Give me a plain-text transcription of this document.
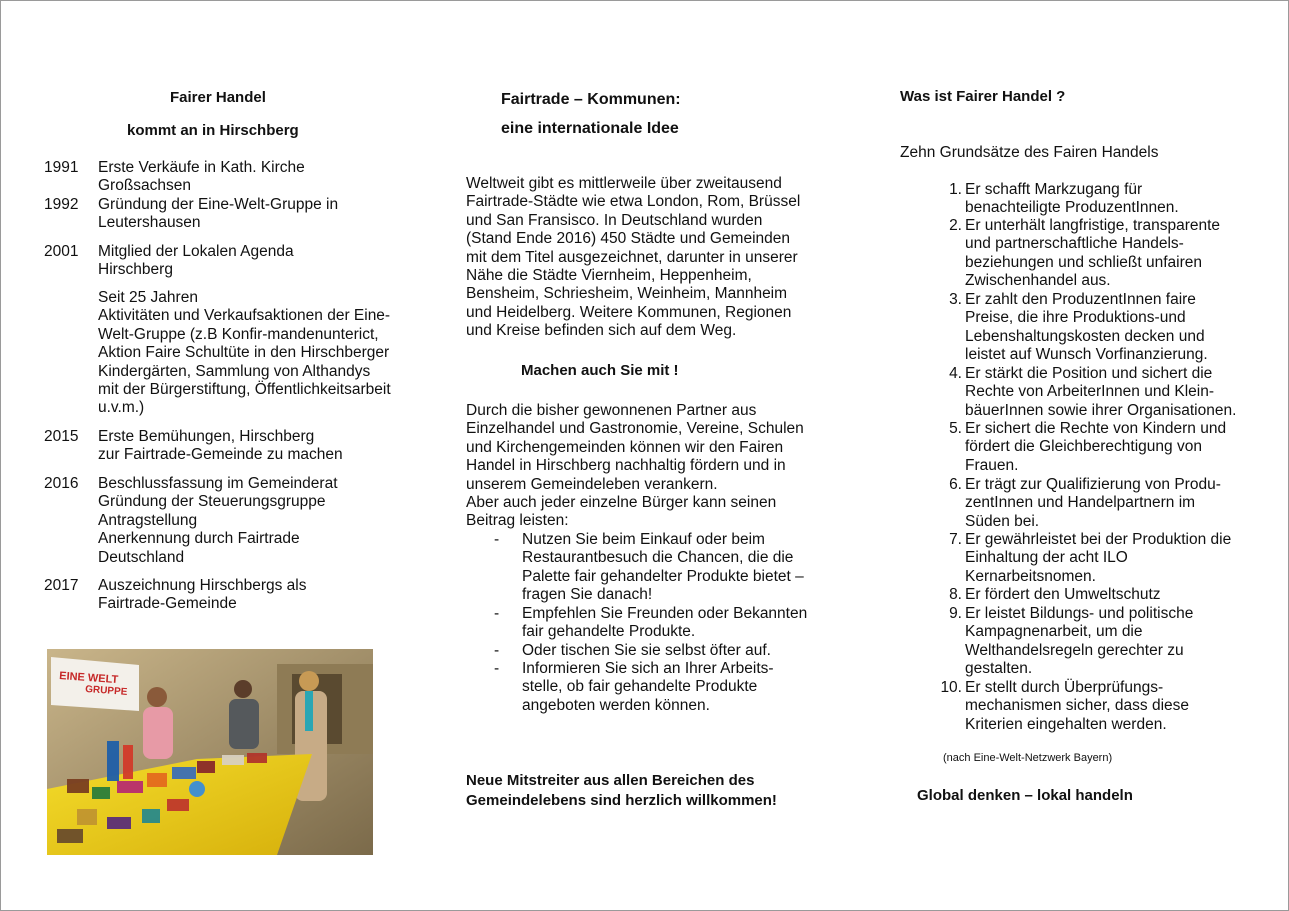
Fairer Handel
kommt an in Hirschberg
1991 Erste Verkäufe in Kath. Kirche
Großsachsen
1992 Gründung der Eine-Welt-Gruppe in
Leutershausen
2001 Mitglied der Lokalen Agenda
Hirschberg
Seit 25 Jahren
Aktivitäten und Verkaufsaktionen der Eine-
Welt-Gruppe (z.B Konfir-mandenunterict,
Aktion Faire Schultüte in den Hirschberger
Kindergärten, Sammlung von Althandys
mit der Bürgerstiftung, Öffentlichkeitsarbeit
u.v.m.)
2015 Erste Bemühungen, Hirschberg
zur Fairtrade-Gemeinde zu machen
2016 Beschlussfassung im Gemeinderat
Gründung der Steuerungsgruppe
Antragstellung
Anerkennung durch Fairtrade
Deutschland
2017 Auszeichnung Hirschbergs als
Fairtrade-Gemeinde
EINE WELT
GRUPPE
Fairtrade – Kommunen:
eine internationale Idee
Weltweit gibt es mittlerweile über zweitausend
Fairtrade-Städte wie etwa London, Rom, Brüssel
und San Fransisco. In Deutschland wurden
(Stand Ende 2016) 450 Städte und Gemeinden
mit dem Titel ausgezeichnet, darunter in unserer
Nähe die Städte Viernheim, Heppenheim,
Bensheim, Schriesheim, Weinheim, Mannheim
und Heidelberg. Weitere Kommunen, Regionen
und Kreise befinden sich auf dem Weg.
Machen auch Sie mit !
Durch die bisher gewonnenen Partner aus
Einzelhandel und Gastronomie, Vereine, Schulen
und Kirchengemeinden können wir den Fairen
Handel in Hirschberg nachhaltig fördern und in
unserem Gemeindeleben verankern.
Aber auch jeder einzelne Bürger kann seinen
Beitrag leisten:
- Nutzen Sie beim Einkauf oder beim
Restaurantbesuch die Chancen, die die
Palette fair gehandelter Produkte bietet –
fragen Sie danach!
- Empfehlen Sie Freunden oder Bekannten
fair gehandelte Produkte.
- Oder tischen Sie sie selbst öfter auf.
- Informieren Sie sich an Ihrer Arbeits-
stelle, ob fair gehandelte Produkte
angeboten werden können.
Neue Mitstreiter aus allen Bereichen des
Gemeindelebens sind herzlich willkommen!
Was ist Fairer Handel ?
Zehn Grundsätze des Fairen Handels
1. Er schafft Markzugang für
benachteiligte ProduzentInnen.
2. Er unterhält langfristige, transparente
und partnerschaftliche Handels-
beziehungen und schließt unfairen
Zwischenhandel aus.
3. Er zahlt den ProduzentInnen faire
Preise, die ihre Produktions-und
Lebenshaltungskosten decken und
leistet auf Wunsch Vorfinanzierung.
4. Er stärkt die Position und sichert die
Rechte von ArbeiterInnen und Klein-
bäuerInnen sowie ihrer Organisationen.
5. Er sichert die Rechte von Kindern und
fördert die Gleichberechtigung von
Frauen.
6. Er trägt zur Qualifizierung von Produ-
zentInnen und Handelpartnern im
Süden bei.
7. Er gewährleistet bei der Produktion die
Einhaltung der acht ILO
Kernarbeitsnomen.
8. Er fördert den Umweltschutz
9. Er leistet Bildungs- und politische
Kampagnenarbeit, um die
Welthandelsregeln gerechter zu
gestalten.
10. Er stellt durch Überprüfungs-
mechanismen sicher, dass diese
Kriterien eingehalten werden.
(nach Eine-Welt-Netzwerk Bayern)
Global denken – lokal handeln
